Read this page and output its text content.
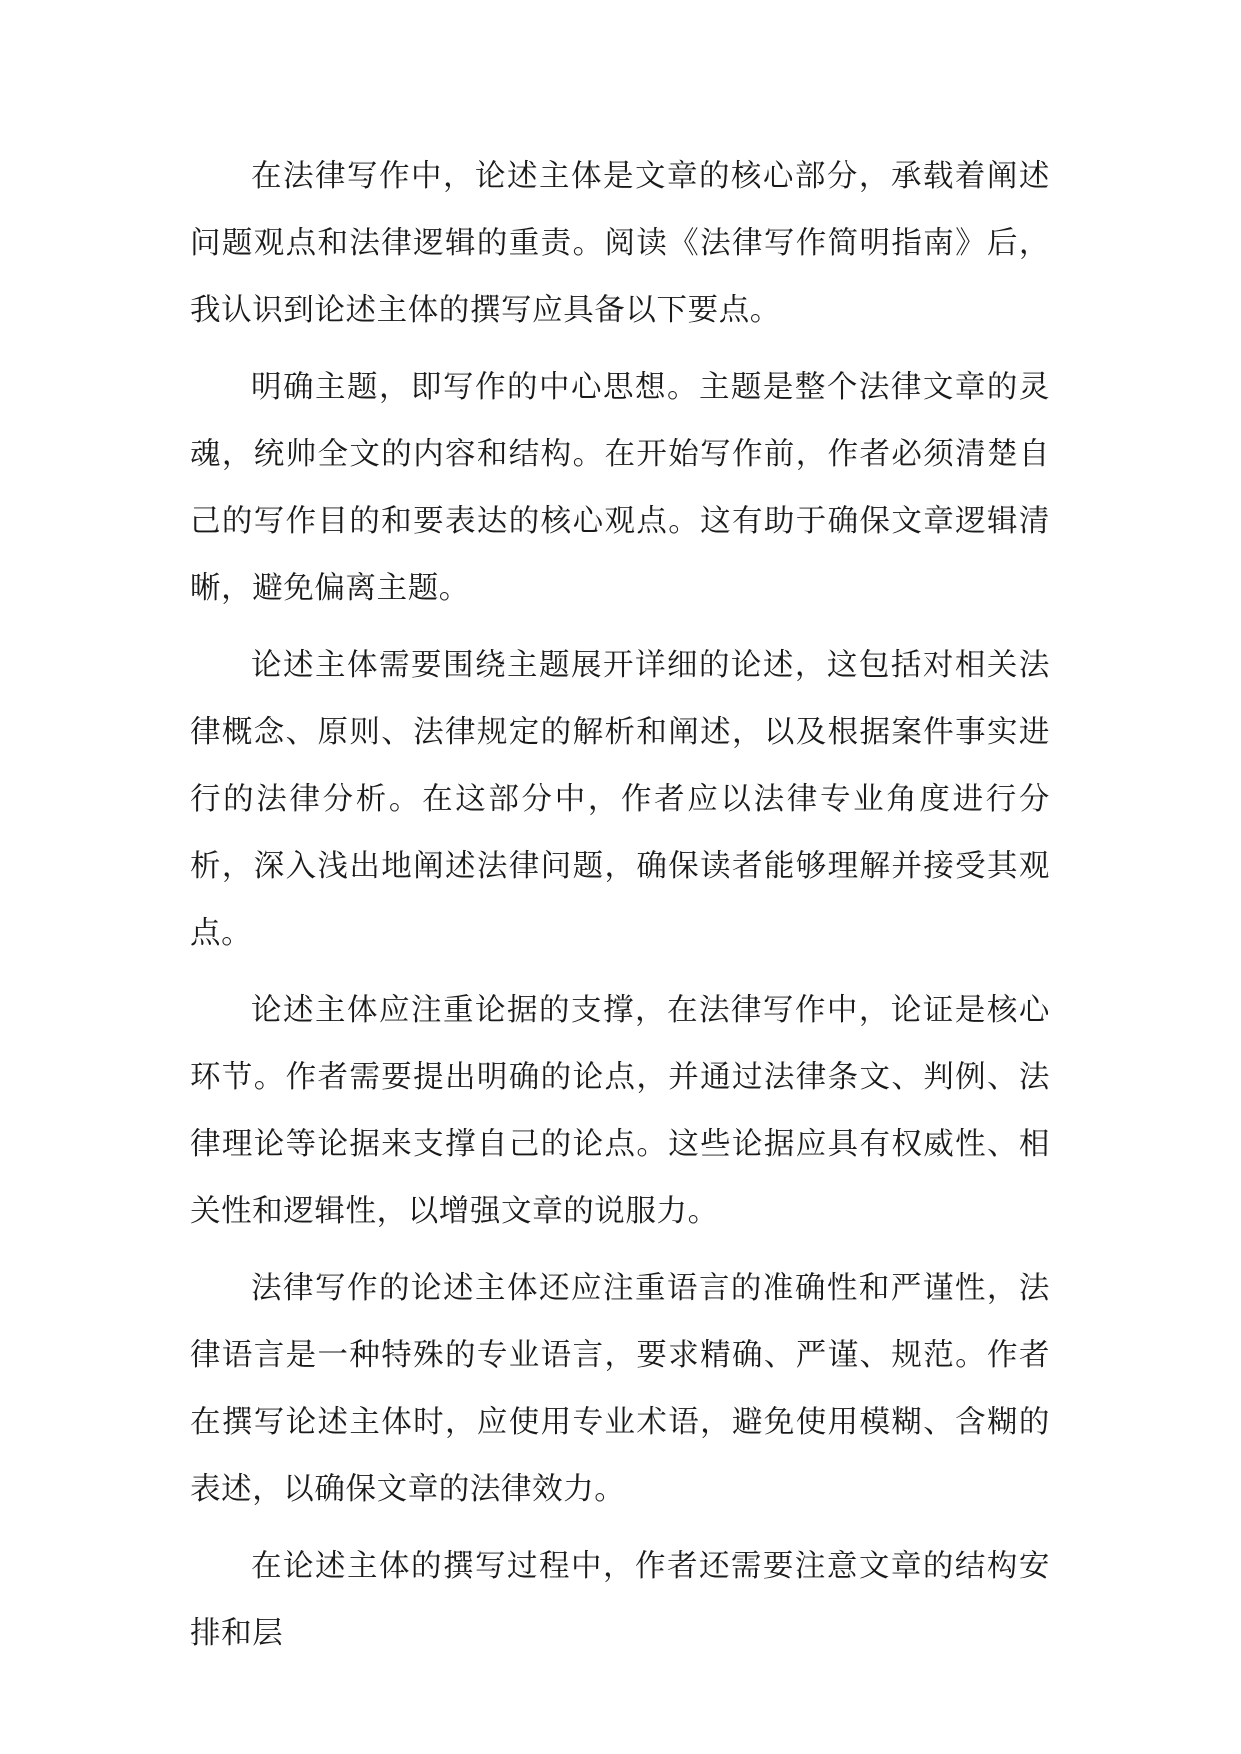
在法律写作中，论述主体是文章的核心部分，承载着阐述问题观点和法律逻辑的重责。阅读《法律写作简明指南》后，我认识到论述主体的撰写应具备以下要点。

明确主题，即写作的中心思想。主题是整个法律文章的灵魂，统帅全文的内容和结构。在开始写作前，作者必须清楚自己的写作目的和要表达的核心观点。这有助于确保文章逻辑清晰，避免偏离主题。

论述主体需要围绕主题展开详细的论述，这包括对相关法律概念、原则、法律规定的解析和阐述，以及根据案件事实进行的法律分析。在这部分中，作者应以法律专业角度进行分析，深入浅出地阐述法律问题，确保读者能够理解并接受其观点。

论述主体应注重论据的支撑，在法律写作中，论证是核心环节。作者需要提出明确的论点，并通过法律条文、判例、法律理论等论据来支撑自己的论点。这些论据应具有权威性、相关性和逻辑性，以增强文章的说服力。

法律写作的论述主体还应注重语言的准确性和严谨性，法律语言是一种特殊的专业语言，要求精确、严谨、规范。作者在撰写论述主体时，应使用专业术语，避免使用模糊、含糊的表述，以确保文章的法律效力。

在论述主体的撰写过程中，作者还需要注意文章的结构安排和层
